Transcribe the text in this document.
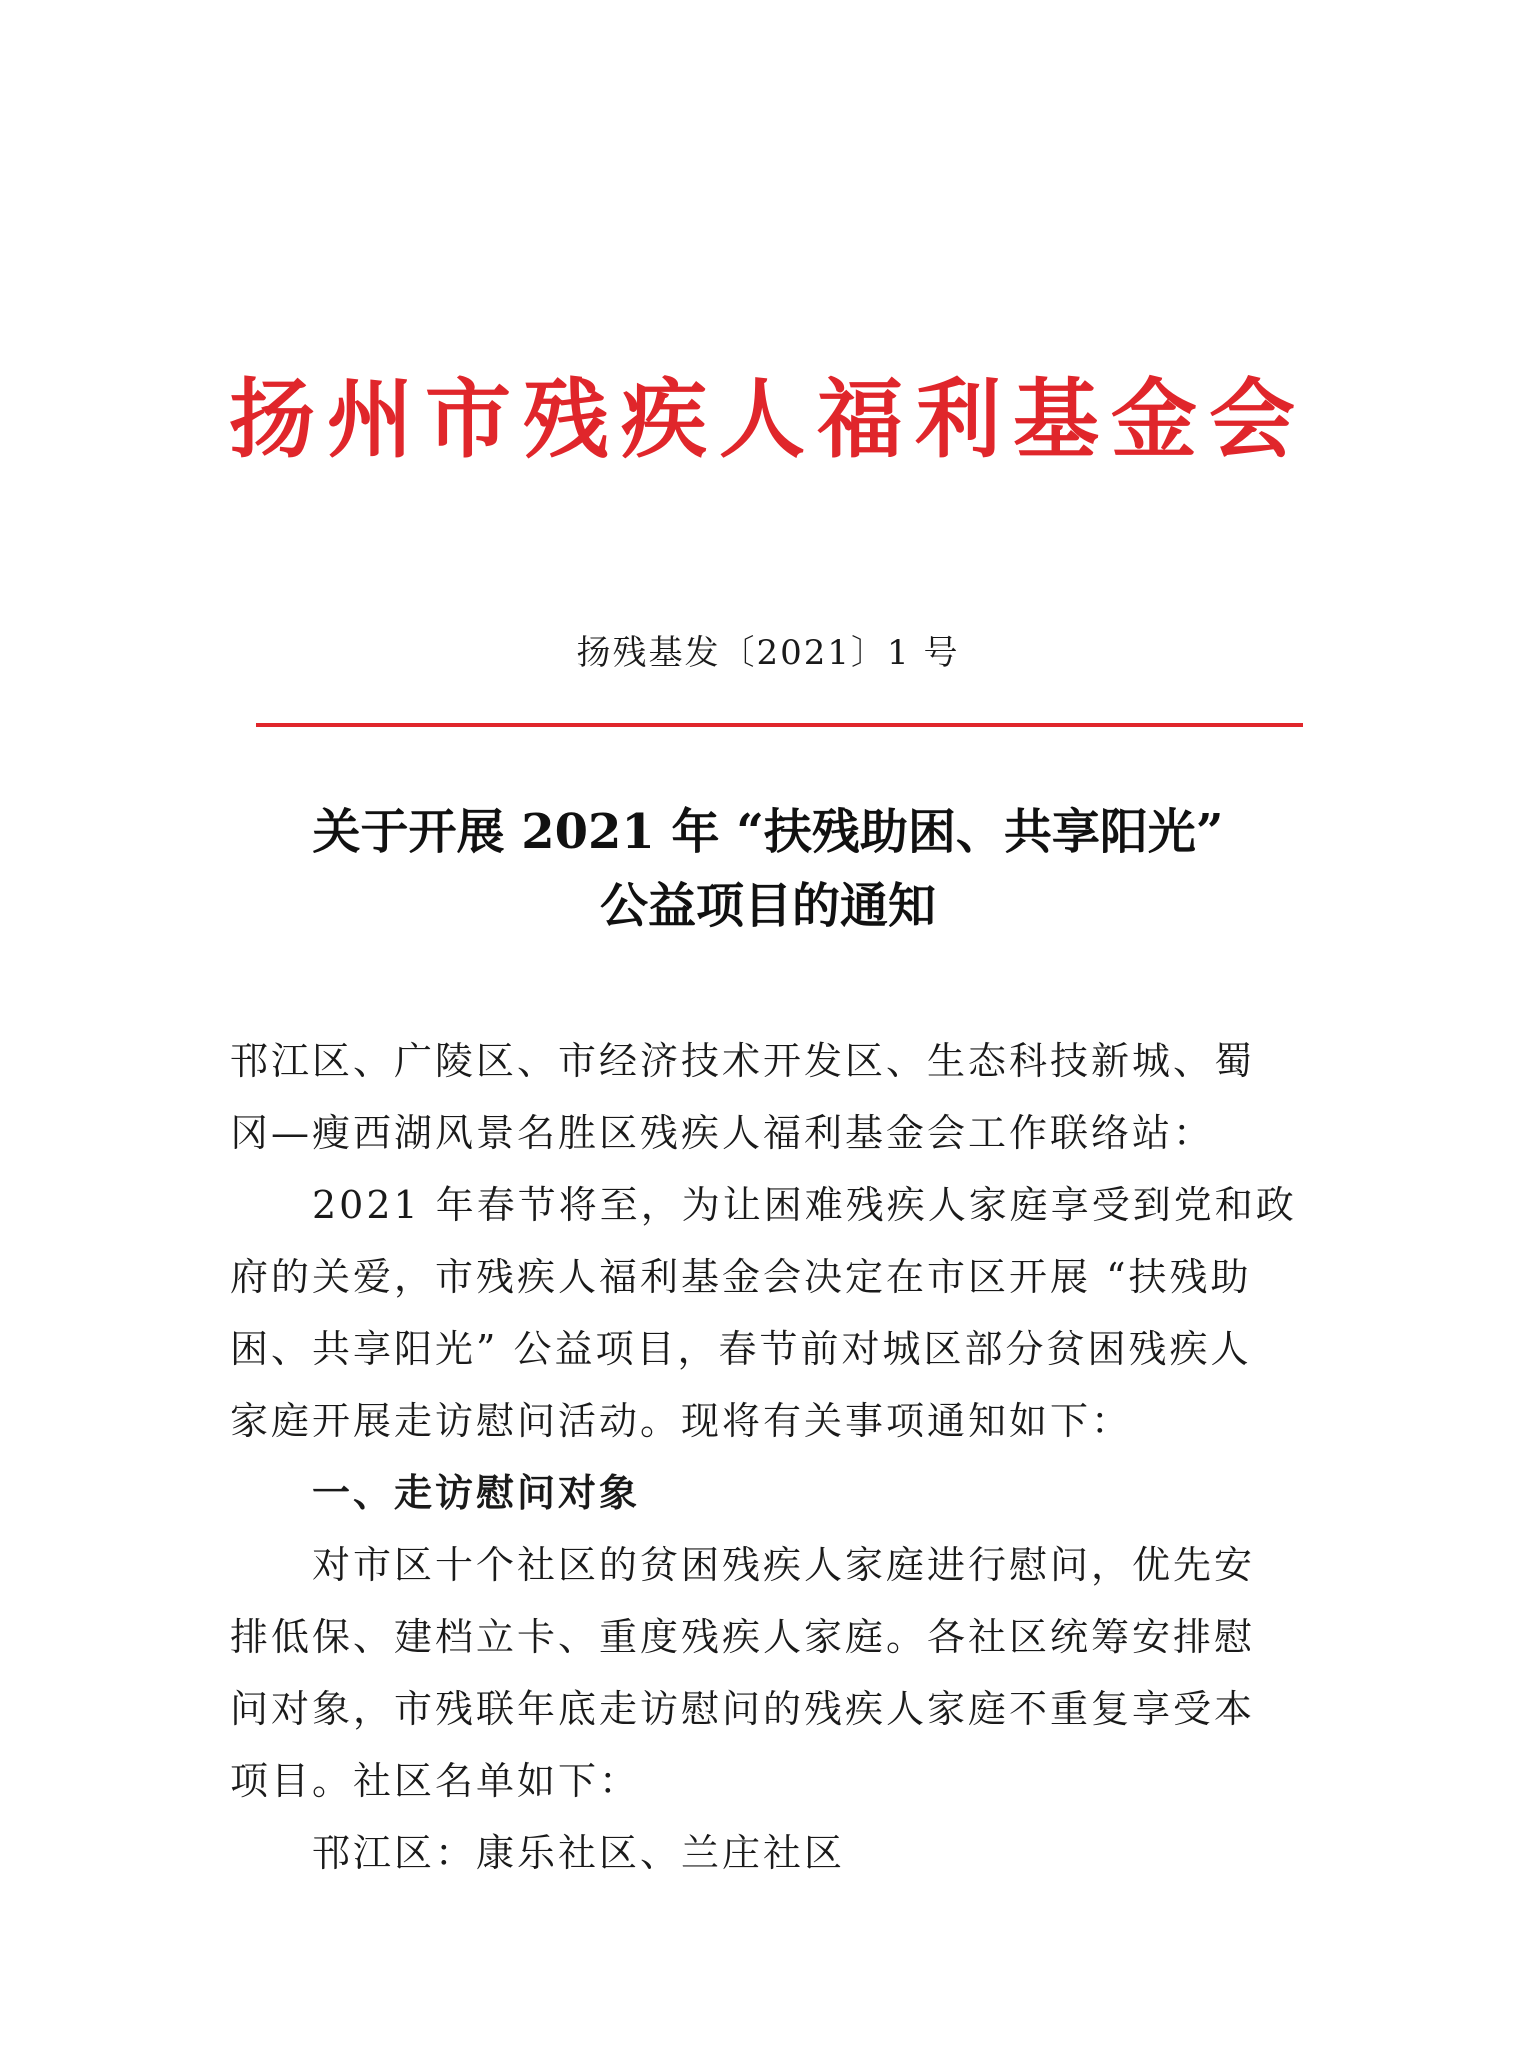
扬州市残疾人福利基金会
扬残基发〔2021〕1 号
关于开展 2021 年 “扶残助困、共享阳光”
公益项目的通知
邗江区、广陵区、市经济技术开发区、生态科技新城、蜀
冈—瘦西湖风景名胜区残疾人福利基金会工作联络站：
2021 年春节将至，为让困难残疾人家庭享受到党和政
府的关爱，市残疾人福利基金会决定在市区开展 “扶残助
困、共享阳光” 公益项目，春节前对城区部分贫困残疾人
家庭开展走访慰问活动。现将有关事项通知如下：
一、走访慰问对象
对市区十个社区的贫困残疾人家庭进行慰问，优先安
排低保、建档立卡、重度残疾人家庭。各社区统筹安排慰
问对象，市残联年底走访慰问的残疾人家庭不重复享受本
项目。社区名单如下：
邗江区：康乐社区、兰庄社区
